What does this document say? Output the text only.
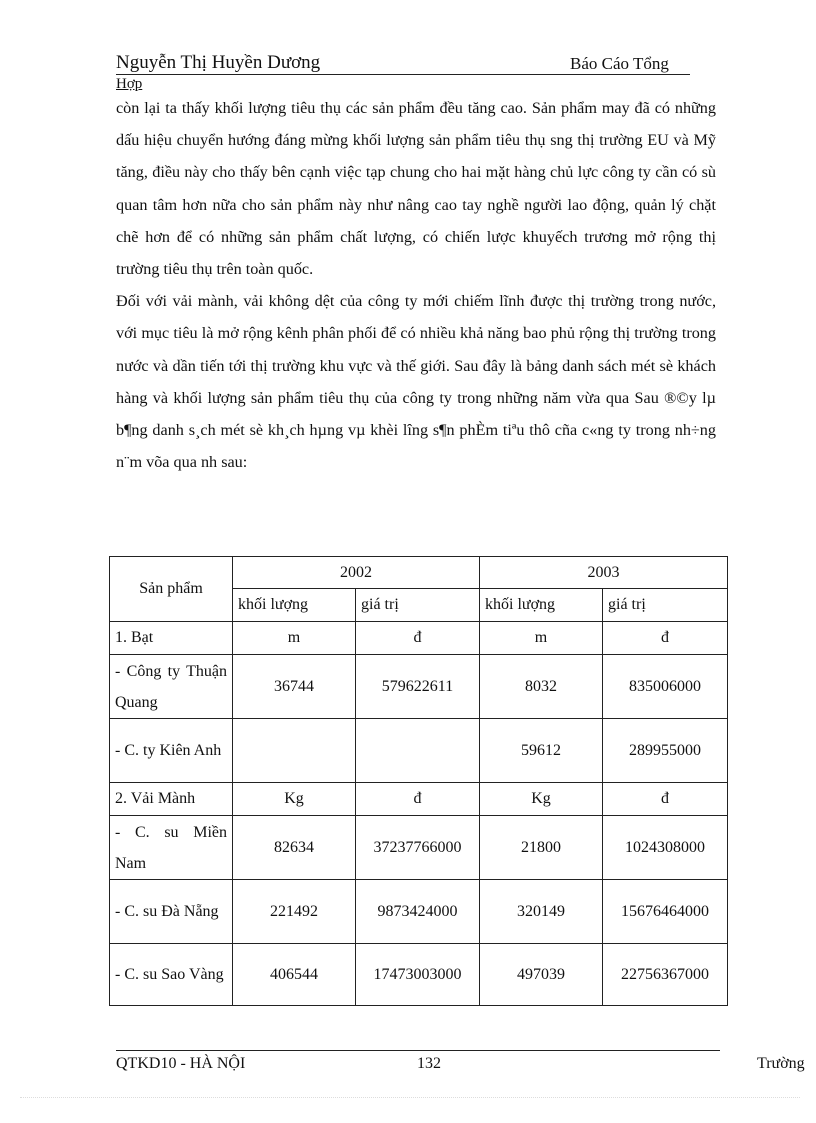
Nguyễn Thị Huyền Dương	Báo Cáo Tổng
Hợp

còn lại ta thấy khối lượng tiêu thụ các sản phẩm đều tăng cao. Sản phẩm may đã có những dấu hiệu chuyển hướng đáng mừng khối lượng sản phẩm tiêu thụ sng thị trường EU và Mỹ tăng, điều này cho thấy bên cạnh việc tạp chung cho hai mặt hàng chủ lực công ty cần có sù quan tâm hơn nữa cho sản phẩm này như nâng cao tay nghề người lao động, quản lý chặt chẽ hơn để có những sản phẩm chất lượng, có chiến lược khuyếch trương mở rộng thị trường tiêu thụ trên toàn quốc.

Đối với vải mành, vải không dệt của công ty mới chiếm lĩnh được thị trường trong nước, với mục tiêu là mở rộng kênh phân phối để có nhiều khả năng bao phủ rộng thị trường trong nước và dần tiến tới thị trường khu vực và thế giới. Sau đây là bảng danh sách mét sè khách hàng và khối lượng sản phẩm tiêu thụ của công ty trong những năm vừa qua Sau ®©y lµ b¶ng danh s¸ch mét sè kh¸ch hµng vµ khèi lîng s¶n phÈm tiªu thô cña c«ng ty trong nh÷ng n¨m võa qua nh sau:

Sản phẩm	2002		2003	
	khối lượng	giá trị	khối lượng	giá trị
1. Bạt	m	đ	m	đ
- Công ty Thuận Quang	36744	579622611	8032	835006000
- C. ty Kiên Anh			59612	289955000
2. Vải Mành	Kg	đ	Kg	đ
- C. su Miền Nam	82634	37237766000	21800	1024308000
- C. su Đà Nẵng	221492	9873424000	320149	15676464000
- C. su Sao Vàng	406544	17473003000	497039	22756367000
QTKD10 - HÀ NỘI	132	Trường
